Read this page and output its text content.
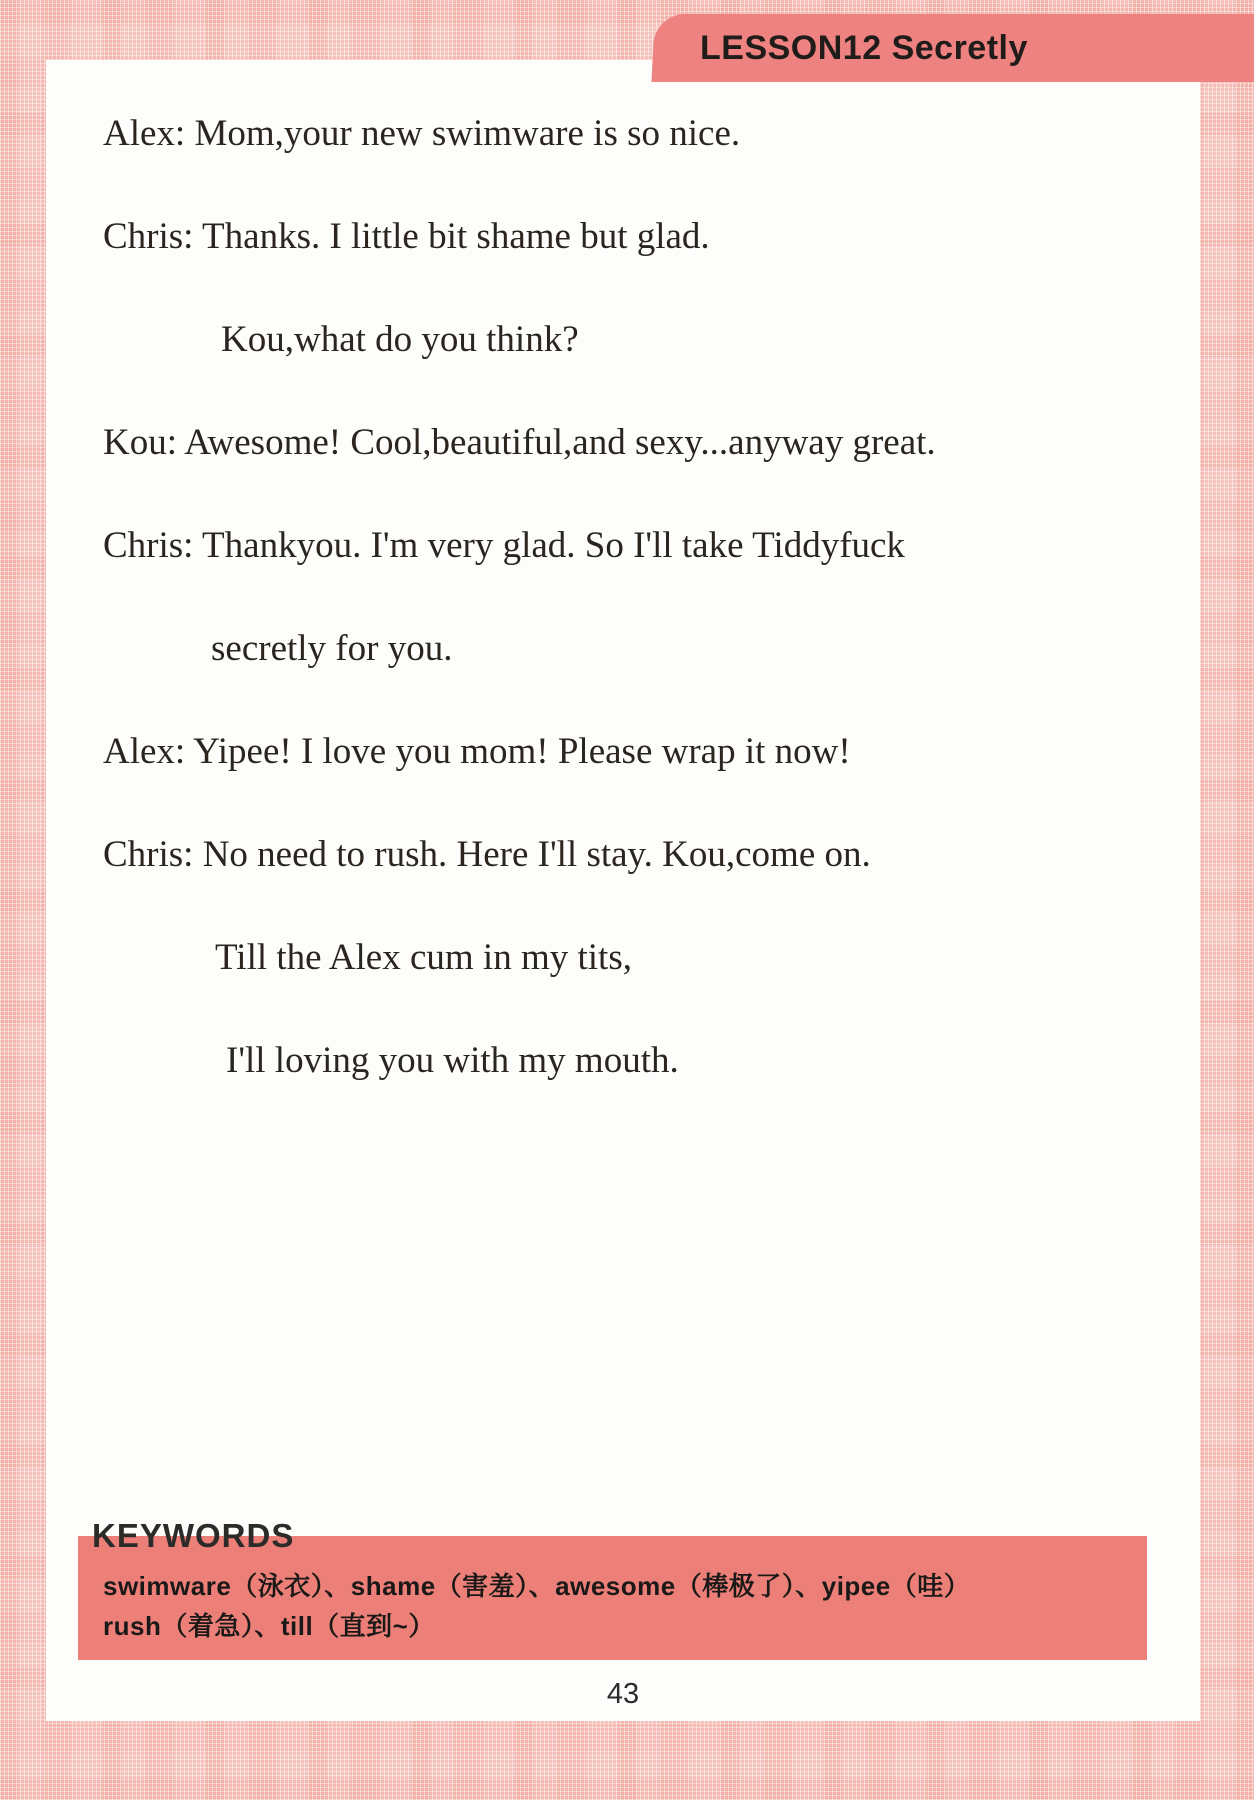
Alex: Mom,your new swimware is so nice.
Chris: Thanks. I little bit shame but glad.
Kou,what do you think?
Kou: Awesome! Cool,beautiful,and sexy...anyway great.
Chris: Thankyou. I'm very glad. So I'll take Tiddyfuck
secretly for you.
Alex: Yipee! I love you mom! Please wrap it now!
Chris: No need to rush. Here I'll stay. Kou,come on.
Till the Alex cum in my tits,
I'll loving you with my mouth.
KEYWORDS
swimware（泳衣）、shame（害羞）、awesome（棒极了）、yipee（哇）
rush（着急）、till（直到~）
43
LESSON12 Secretly
